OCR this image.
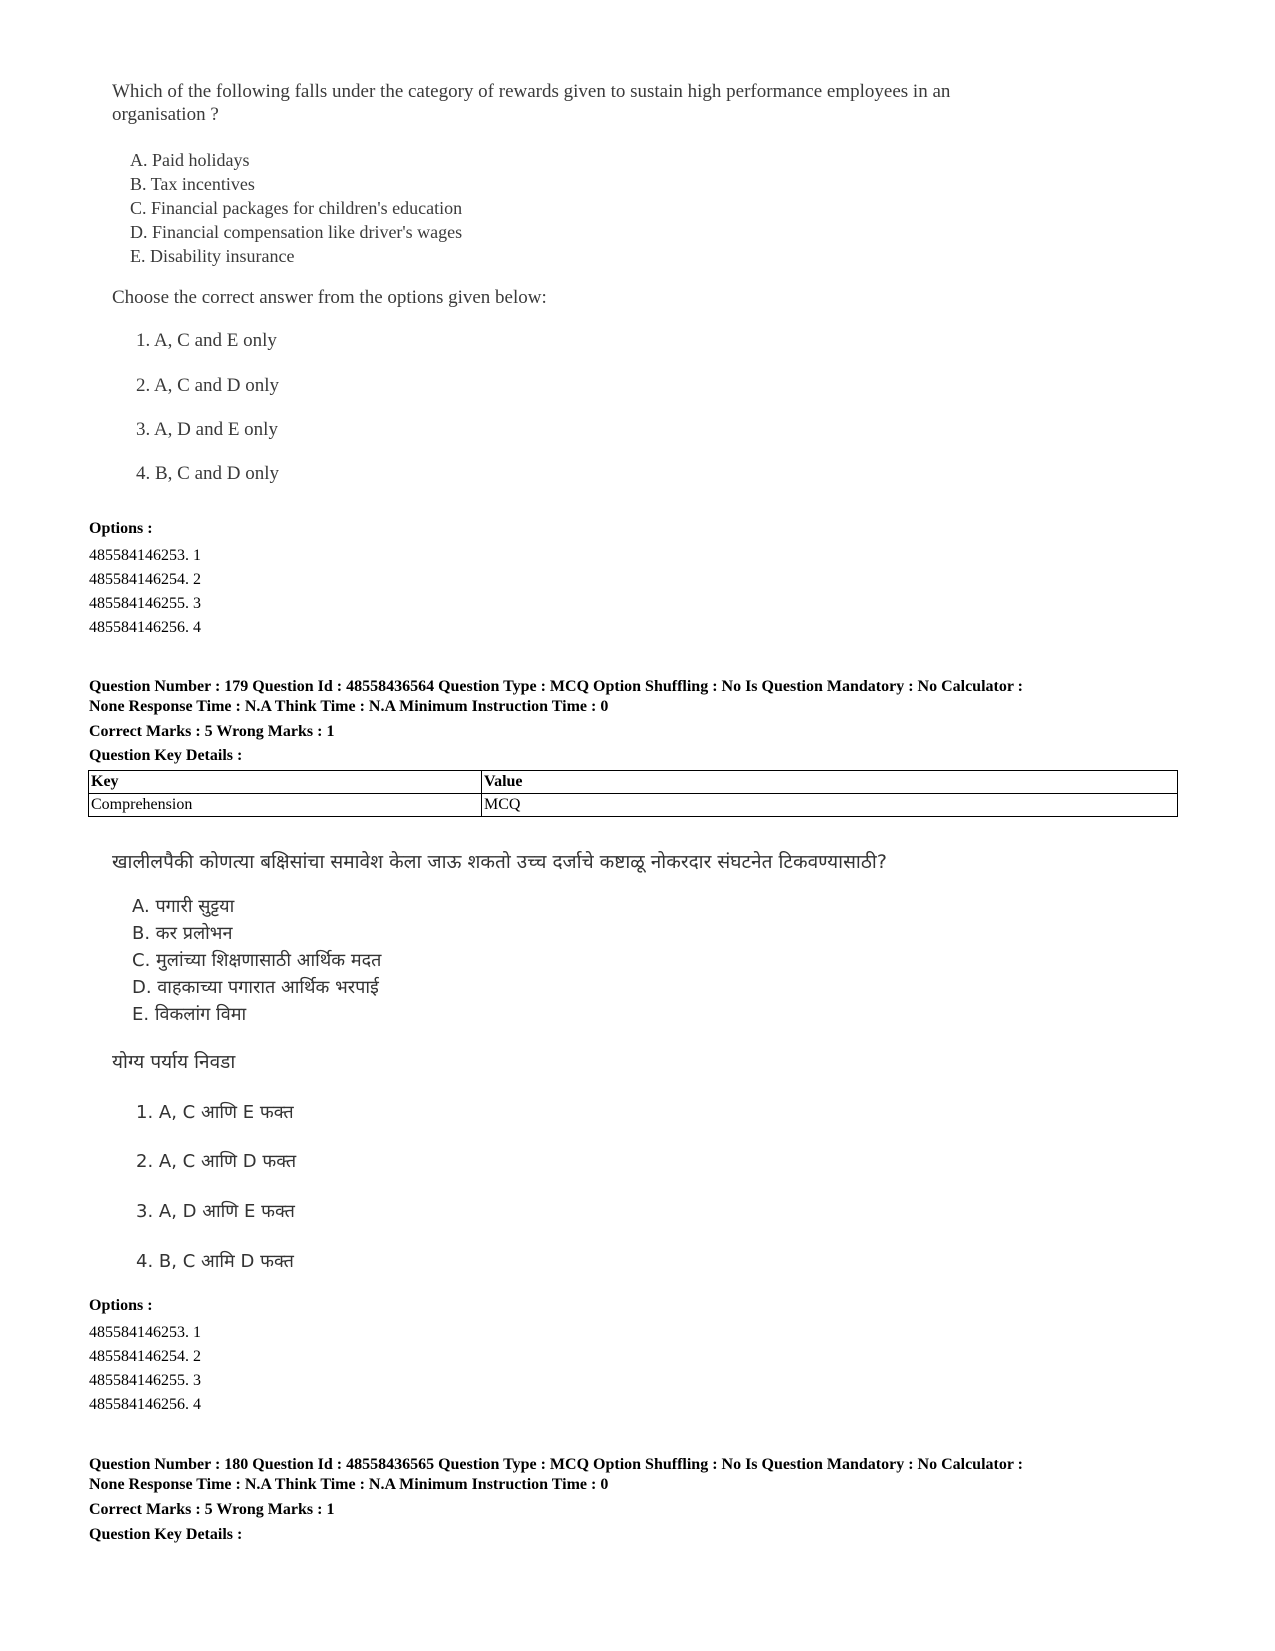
Which of the following falls under the category of rewards given to sustain high performance employees in an organisation ?
A. Paid holidays
B. Tax incentives
C. Financial packages for children's education
D. Financial compensation like driver's wages
E. Disability insurance
Choose the correct answer from the options given below:
1. A, C and E only
2. A, C and D only
3. A, D and E only
4. B, C and D only
Options :
485584146253. 1
485584146254. 2
485584146255. 3
485584146256. 4
Question Number : 179 Question Id : 48558436564 Question Type : MCQ Option Shuffling : No Is Question Mandatory : No Calculator :
None Response Time : N.A Think Time : N.A Minimum Instruction Time : 0
Correct Marks : 5 Wrong Marks : 1
Question Key Details :
Key	Value
Comprehension	MCQ
खालीलपैकी कोणत्या बक्षिसांचा समावेश केला जाऊ शकतो उच्च दर्जाचे कष्टाळू नोकरदार संघटनेत टिकवण्यासाठी?
A. पगारी सुट्टया
B. कर प्रलोभन
C. मुलांच्या शिक्षणासाठी आर्थिक मदत
D. वाहकाच्या पगारात आर्थिक भरपाई
E. विकलांग विमा
योग्य पर्याय निवडा
1. A, C आणि E फक्त
2. A, C आणि D फक्त
3. A, D आणि E फक्त
4. B, C आमि D फक्त
Options :
485584146253. 1
485584146254. 2
485584146255. 3
485584146256. 4
Question Number : 180 Question Id : 48558436565 Question Type : MCQ Option Shuffling : No Is Question Mandatory : No Calculator :
None Response Time : N.A Think Time : N.A Minimum Instruction Time : 0
Correct Marks : 5 Wrong Marks : 1
Question Key Details :
